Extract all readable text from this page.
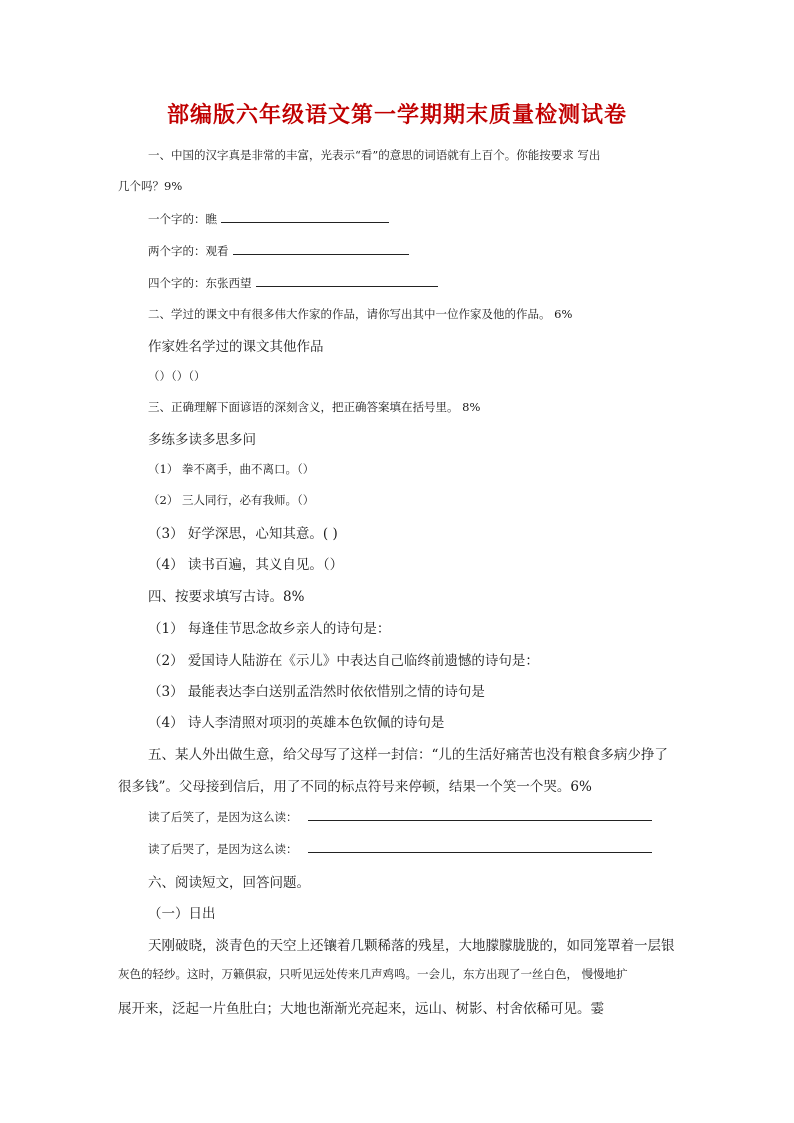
部编版六年级语文第一学期期末质量检测试卷
一、中国的汉字真是非常的丰富，光表示“看”的意思的词语就有上百个。你能按要求 写出
几个吗？9%
一个字的：瞧
两个字的：观看
四个字的：东张西望
二、学过的课文中有很多伟大作家的作品，请你写出其中一位作家及他的作品。 6%
作家姓名学过的课文其他作品
（）（）（）
三、正确理解下面谚语的深刻含义，把正确答案填在括号里。 8%
多练多读多思多问
（1） 拳不离手，曲不离口。（）
（2） 三人同行，必有我师。（）
（3） 好学深思，心知其意。( )
（4） 读书百遍，其义自见。（）
四、按要求填写古诗。8%
（1） 每逢佳节思念故乡亲人的诗句是：
（2） 爱国诗人陆游在《示儿》中表达自己临终前遗憾的诗句是：
（3） 最能表达李白送别孟浩然时依依惜别之情的诗句是
（4） 诗人李清照对项羽的英雄本色钦佩的诗句是
五、某人外出做生意，给父母写了这样一封信：“儿的生活好痛苦也没有粮食多病少挣了
很多钱”。父母接到信后，用了不同的标点符号来停顿，结果一个笑一个哭。6%
读了后笑了，是因为这么读：
读了后哭了，是因为这么读：
六、阅读短文，回答问题。
（一）日出
天刚破晓，淡青色的天空上还镶着几颗稀落的残星，大地朦朦胧胧的，如同笼罩着一层银
灰色的轻纱。这时，万籁俱寂，只听见远处传来几声鸡鸣。一会儿，东方出现了一丝白色， 慢慢地扩
展开来，泛起一片鱼肚白；大地也渐渐光亮起来，远山、树影、村舍依稀可见。霎
